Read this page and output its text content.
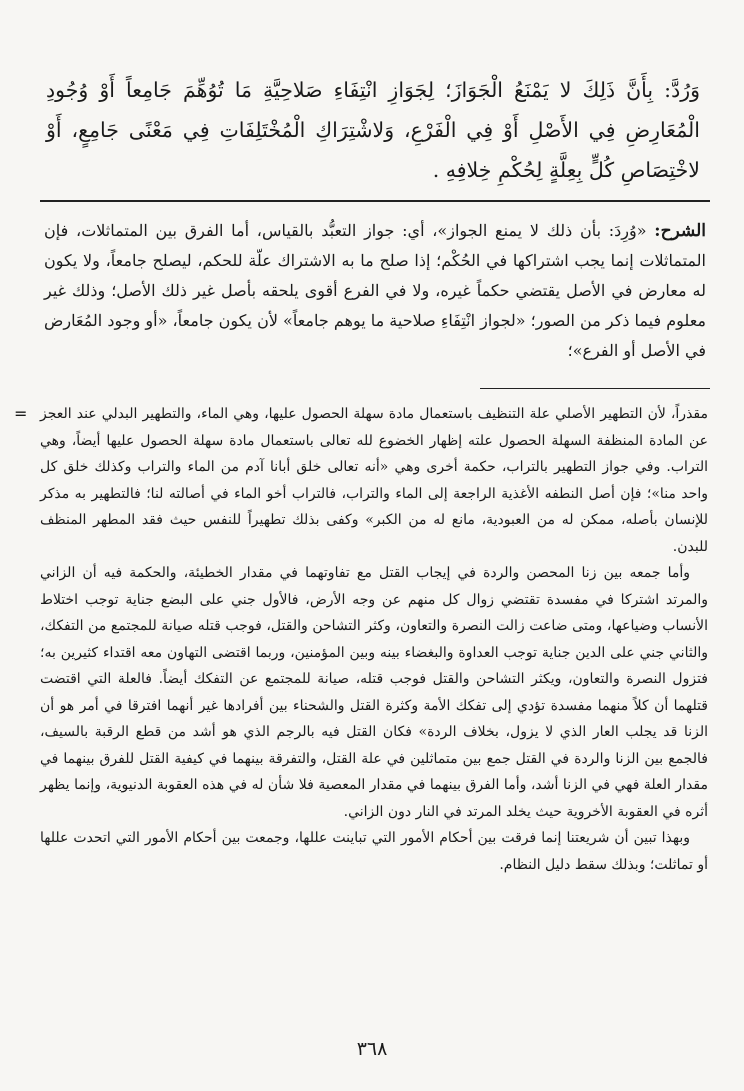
وَرُدَّ: بِأَنَّ ذَلِكَ لا يَمْنَعُ الْجَوَازَ؛ لِجَوَازِ انْتِفَاءِ صَلاحِيَّةِ مَا تُوُهِّمَ جَامِعاً أَوْ وُجُودِ الْمُعَارِضِ فِي الأَصْلِ أَوْ فِي الْفَرْعِ، وَلاشْتِرَاكِ الْمُخْتَلِفَاتِ فِي مَعْنًى جَامِعٍ، أَوْ لاخْتِصَاصِ كُلٍّ بِعِلَّةٍ لِحُكْمِ خِلافِهِ .

الشرح: «وُرِدَ: بأن ذلك لا يمنع الجواز»، أي: جواز التعبُّد بالقياس، أما الفرق بين المتماثلات، فإن المتماثلات إنما يجب اشتراكها في الحُكْم؛ إذا صلح ما به الاشتراك علّة للحكم، ليصلح جامعاً، ولا يكون له معارض في الأصل يقتضي حكماً غيره، ولا في الفرع أقوى يلحقه بأصل غير ذلك الأصل؛ وذلك غير معلوم فيما ذكر من الصور؛ «لجواز انْتِفَاءِ صلاحية ما يوهم جامعاً» لأن يكون جامعاً، «أو وجود المُعَارض في الأصل أو الفرع»؛

= مقذراً، لأن التطهير الأصلي علة التنظيف باستعمال مادة سهلة الحصول عليها، وهي الماء، والتطهير البدلي عند العجز عن المادة المنظفة السهلة الحصول علته إظهار الخضوع لله تعالى باستعمال مادة سهلة الحصول عليها أيضاً، وهي التراب. وفي جواز التطهير بالتراب، حكمة أخرى وهي «أنه تعالى خلق أبانا آدم من الماء والتراب وكذلك خلق كل واحد منا»؛ فإن أصل النطفه الأغذية الراجعة إلى الماء والتراب، فالتراب أخو الماء في أصالته لنا؛ فالتطهير به مذكر للإنسان بأصله، ممكن له من العبودية، مانع له من الكبر» وكفى بذلك تطهيراً للنفس حيث فقد المطهر المنظف للبدن.

وأما جمعه بين زنا المحصن والردة في إيجاب القتل مع تفاوتهما في مقدار الخطيئة، والحكمة فيه أن الزاني والمرتد اشتركا في مفسدة تقتضي زوال كل منهم عن وجه الأرض، فالأول جني على البضع جناية توجب اختلاط الأنساب وضياعها، ومتى ضاعت زالت النصرة والتعاون، وكثر التشاحن والقتل، فوجب قتله صيانة للمجتمع من التفكك، والثاني جني على الدين جناية توجب العداوة والبغضاء بينه وبين المؤمنين، وربما اقتضى التهاون معه اقتداء كثيرين به؛ فتزول النصرة والتعاون، ويكثر التشاحن والقتل فوجب قتله، صيانة للمجتمع عن التفكك أيضاً. فالعلة التي اقتضت قتلهما أن كلاً منهما مفسدة تؤدي إلى تفكك الأمة وكثرة القتل والشحناء بين أفرادها غير أنهما افترقا في أمر هو أن الزنا قد يجلب العار الذي لا يزول، بخلاف الردة» فكان القتل فيه بالرجم الذي هو أشد من قطع الرقبة بالسيف، فالجمع بين الزنا والردة في القتل جمع بين متماثلين في علة القتل، والتفرقة بينهما في كيفية القتل للفرق بينهما في مقدار العلة فهي في الزنا أشد، وأما الفرق بينهما في مقدار المعصية فلا شأن له في هذه العقوبة الدنيوية، وإنما يظهر أثره في العقوبة الأخروية حيث يخلد المرتد في النار دون الزاني.

وبهذا تبين أن شريعتنا إنما فرقت بين أحكام الأمور التي تباينت عللها، وجمعت بين أحكام الأمور التي اتحدت عللها أو تماثلت؛ وبذلك سقط دليل النظام.

٣٦٨
